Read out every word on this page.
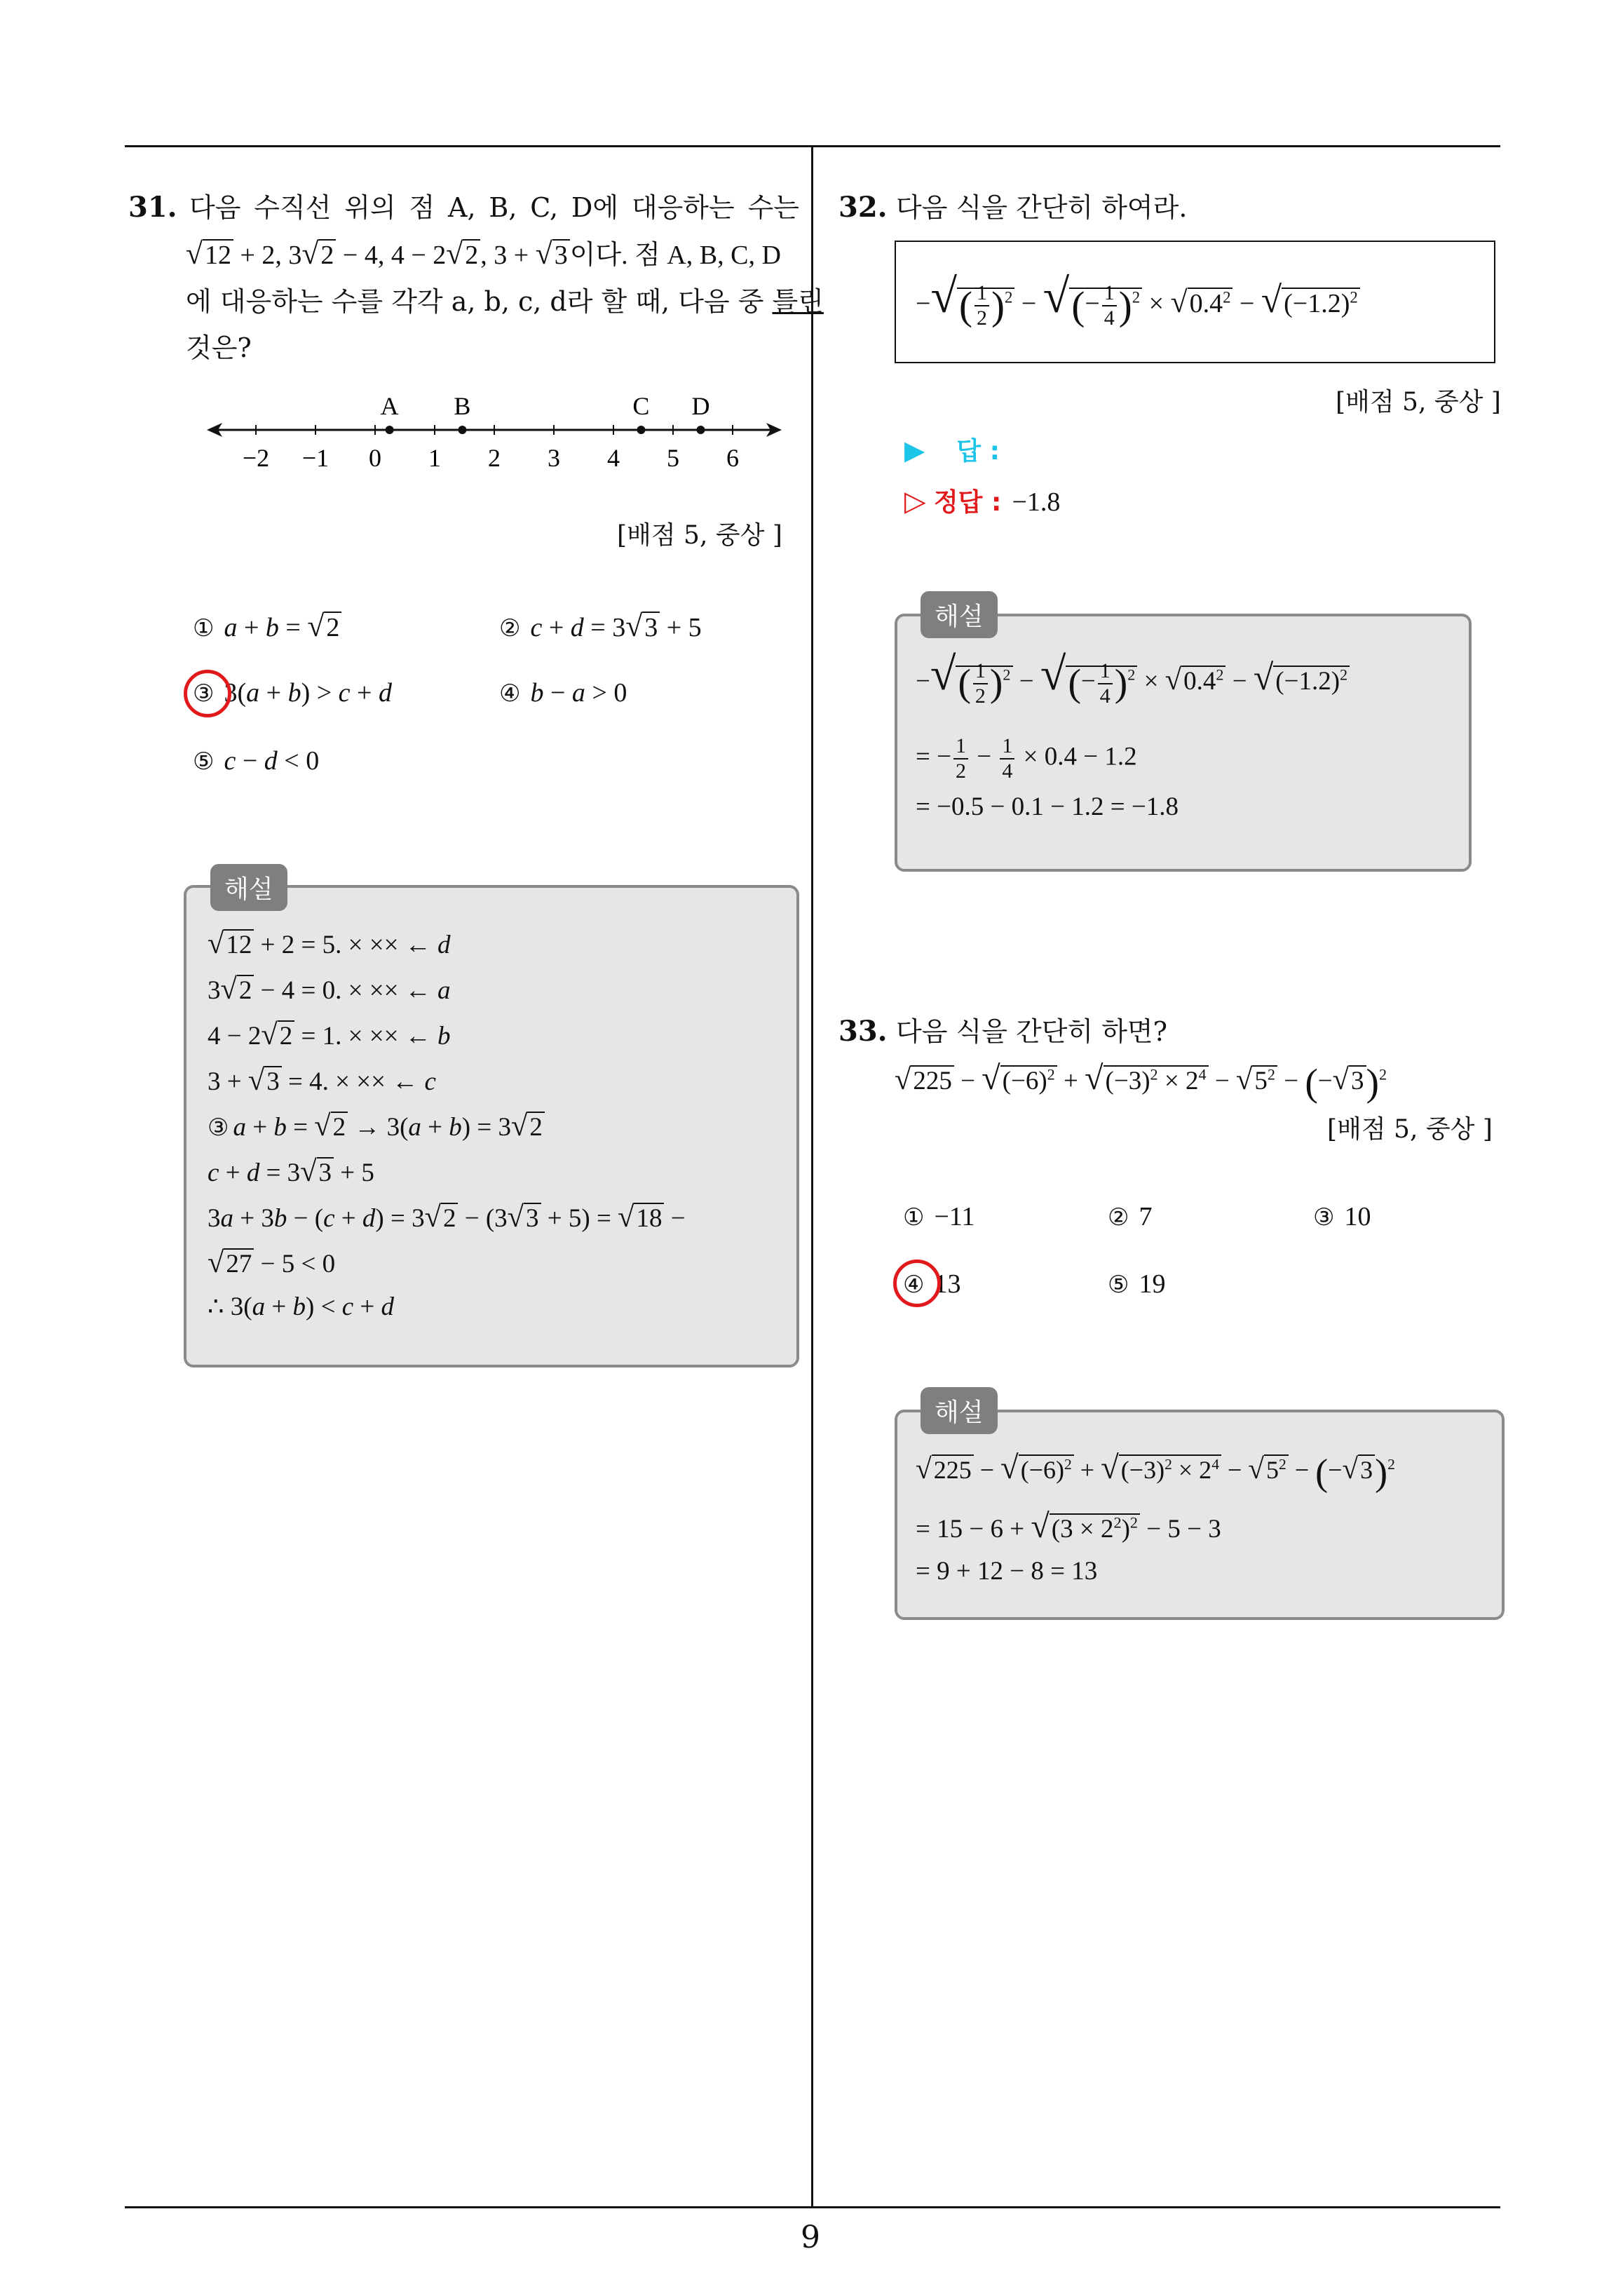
9
31. 다음 수직선 위의 점 A, B, C, D에 대응하는 수는
√12 + 2, 3√2 − 4, 4 − 2√2, 3 + √3이다. 점 A, B, C, D
에 대응하는 수를 각각 a, b, c, d라 할 때, 다음 중 틀린
것은?
−2 −1 0 1 2 3 4 5 6
A B	C D
[배점 5, 중상 ]
① a + b = √2	② c + d = 3√3 + 5
③ 3(a + b) > c + d	④ b − a > 0
⑤ c − d < 0
√12 + 2 = 5. × ×× ← d
3√2 − 4 = 0. × ×× ← a
4 − 2√2 = 1. × ×× ← b
3 + √3 = 4. × ×× ← c
③ a + b = √2 → 3(a + b) = 3√2
c + d = 3√3 + 5
3a + 3b − (c + d) = 3√2 − (3√3 + 5) = √18 −
√27 − 5 < 0
∴ 3(a + b) < c + d
해설
32. 다음 식을 간단히 하여라.
−√( $\frac{1}{2} )^2$ − √(− $\frac{1}{4} )^2 \times √0.4^2 - √(-1.2)^2$
[배점 5, 중상 ]
▶ 답 :
▷ 정답 : −1.8
−√( $\frac{1}{2} )^2$ − √(− $\frac{1}{4} )^2 \times √0.4^2 - √(-1.2)^2$
= − $\frac{1}{2} - \frac{1}{4} \times 0.4 - 1.2$
= −0.5 − 0.1 − 1.2 = −1.8
해설
33. 다음 식을 간단히 하면?
$√225 - √(-6)^2 + √(-3)^2 \times 2^4 - √5^2 - (-√3)^2$
[배점 5, 중상 ]
① −11	② 7	③ 10
④ 13	⑤ 19
$√225 - √(-6)^2 + √(-3)^2 \times 2^4 - √5^2 - (-√3)^2$
= $15 - 6 + √(3 \times 2^2)^2 - 5 - 3$
= 9 + 12 − 8 = 13
해설
